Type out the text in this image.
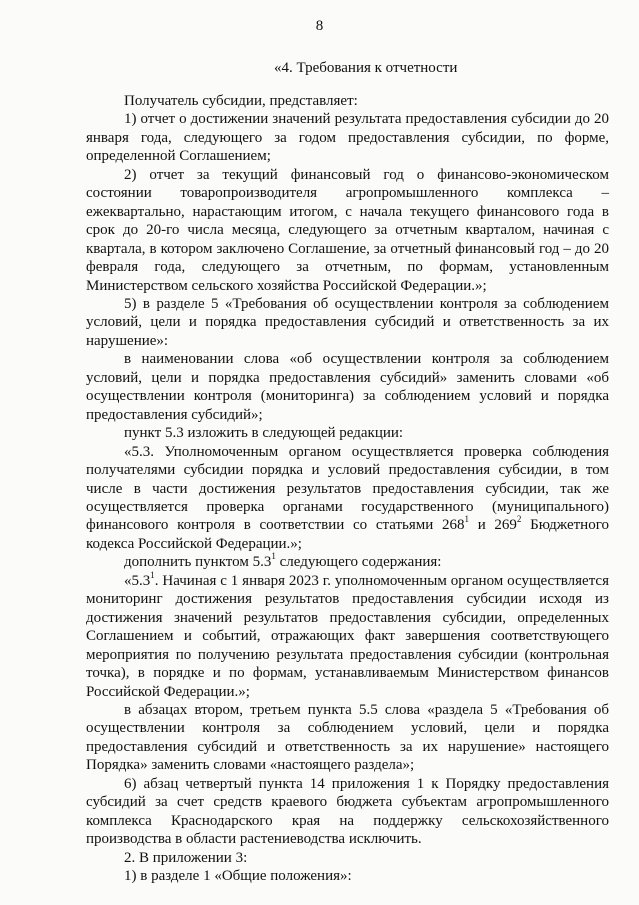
8
«4. Требования к отчетности

Получатель субсидии, представляет:

1) отчет о достижении значений результата предоставления субсидии до 20 января года, следующего за годом предоставления субсидии, по форме, определенной Соглашением;

2) отчет за текущий финансовый год о финансово-экономическом состоянии товаропроизводителя агропромышленного комплекса – ежеквартально, нарастающим итогом, с начала текущего финансового года в срок до 20-го числа месяца, следующего за отчетным кварталом, начиная с квартала, в котором заключено Соглашение, за отчетный финансовый год – до 20 февраля года, следующего за отчетным, по формам, установленным Министерством сельского хозяйства Российской Федерации.»;

5) в разделе 5 «Требования об осуществлении контроля за соблюдением условий, цели и порядка предоставления субсидий и ответственность за их нарушение»:

в наименовании слова «об осуществлении контроля за соблюдением условий, цели и порядка предоставления субсидий» заменить словами «об осуществлении контроля (мониторинга) за соблюдением условий и порядка предоставления субсидий»;

пункт 5.3 изложить в следующей редакции:

«5.3. Уполномоченным органом осуществляется проверка соблюдения получателями субсидии порядка и условий предоставления субсидии, в том числе в части достижения результатов предоставления субсидии, так же осуществляется проверка органами государственного (муниципального) финансового контроля в соответствии со статьями $268^1$ и $269^2$ Бюджетного кодекса Российской Федерации.»;

дополнить пунктом $5.3^1$ следующего содержания:

«$5.3^1$. Начиная с 1 января 2023 г. уполномоченным органом осуществляется мониторинг достижения результатов предоставления субсидии исходя из достижения значений результатов предоставления субсидии, определенных Соглашением и событий, отражающих факт завершения соответствующего мероприятия по получению результата предоставления субсидии (контрольная точка), в порядке и по формам, устанавливаемым Министерством финансов Российской Федерации.»;

в абзацах втором, третьем пункта 5.5 слова «раздела 5 «Требования об осуществлении контроля за соблюдением условий, цели и порядка предоставления субсидий и ответственность за их нарушение» настоящего Порядка» заменить словами «настоящего раздела»;

6) абзац четвертый пункта 14 приложения 1 к Порядку предоставления субсидий за счет средств краевого бюджета субъектам агропромышленного комплекса Краснодарского края на поддержку сельскохозяйственного производства в области растениеводства исключить.

2. В приложении 3:

1) в разделе 1 «Общие положения»:
